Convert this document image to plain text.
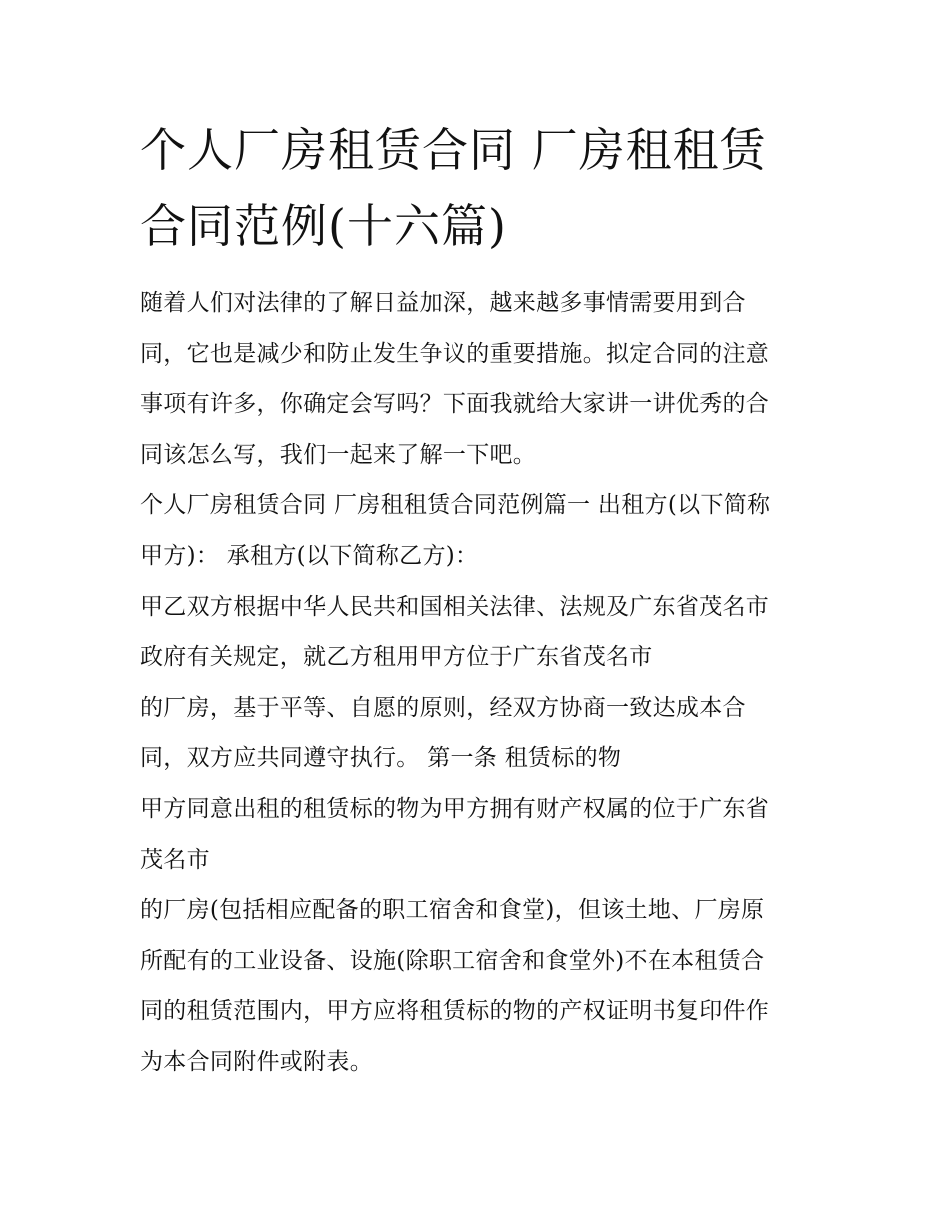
个人厂房租赁合同 厂房租租赁
合同范例(十六篇)
随着人们对法律的了解日益加深，越来越多事情需要用到合
同，它也是减少和防止发生争议的重要措施。拟定合同的注意
事项有许多，你确定会写吗？下面我就给大家讲一讲优秀的合
同该怎么写，我们一起来了解一下吧。
个人厂房租赁合同 厂房租租赁合同范例篇一 出租方(以下简称
甲方)： 承租方(以下简称乙方)：
甲乙双方根据中华人民共和国相关法律、法规及广东省茂名市
政府有关规定，就乙方租用甲方位于广东省茂名市
的厂房，基于平等、自愿的原则，经双方协商一致达成本合
同，双方应共同遵守执行。 第一条 租赁标的物
甲方同意出租的租赁标的物为甲方拥有财产权属的位于广东省
茂名市
的厂房(包括相应配备的职工宿舍和食堂)，但该土地、厂房原
所配有的工业设备、设施(除职工宿舍和食堂外)不在本租赁合
同的租赁范围内，甲方应将租赁标的物的产权证明书复印件作
为本合同附件或附表。
